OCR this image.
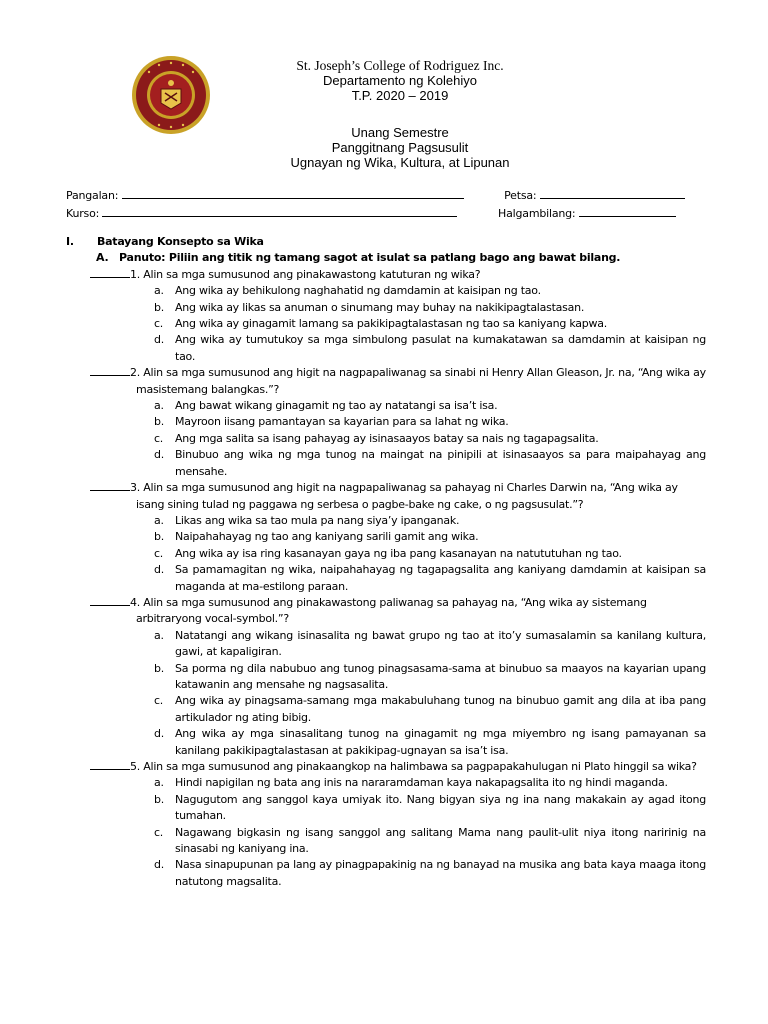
St. Joseph’s College of Rodriguez Inc.
Departamento ng Kolehiyo
T.P. 2020 – 2019
Unang Semestre
Panggitnang Pagsusulit
Ugnayan ng Wika, Kultura, at Lipunan
Pangalan:	Petsa:
Kurso:	Halgambilang:
I. Batayang Konsepto sa Wika
A. Panuto: Piliin ang titik ng tamang sagot at isulat sa patlang bago ang bawat bilang.
1. Alin sa mga sumusunod ang pinakawastong katuturan ng wika?
a. Ang wika ay behikulong naghahatid ng damdamin at kaisipan ng tao.
b. Ang wika ay likas sa anuman o sinumang may buhay na nakikipagtalastasan.
c. Ang wika ay ginagamit lamang sa pakikipagtalastasan ng tao sa kaniyang kapwa.
d. Ang wika ay tumutukoy sa mga simbulong pasulat na kumakatawan sa damdamin at kaisipan ng tao.
2. Alin sa mga sumusunod ang higit na nagpapaliwanag sa sinabi ni Henry Allan Gleason, Jr. na, “Ang wika ay masistemang balangkas.”?
a. Ang bawat wikang ginagamit ng tao ay natatangi sa isa’t isa.
b. Mayroon iisang pamantayan sa kayarian para sa lahat ng wika.
c. Ang mga salita sa isang pahayag ay isinasaayos batay sa nais ng tagapagsalita.
d. Binubuo ang wika ng mga tunog na maingat na pinipili at isinasaayos sa para maipahayag ang mensahe.
3. Alin sa mga sumusunod ang higit na nagpapaliwanag sa pahayag ni Charles Darwin na, “Ang wika ay isang sining tulad ng paggawa ng serbesa o pagbe-bake ng cake, o ng pagsusulat.”?
a. Likas ang wika sa tao mula pa nang siya’y ipanganak.
b. Naipahahayag ng tao ang kaniyang sarili gamit ang wika.
c. Ang wika ay isa ring kasanayan gaya ng iba pang kasanayan na natututuhan ng tao.
d. Sa pamamagitan ng wika, naipahahayag ng tagapagsalita ang kaniyang damdamin at kaisipan sa maganda at ma-estilong paraan.
4. Alin sa mga sumusunod ang pinakawastong paliwanag sa pahayag na, “Ang wika ay sistemang arbitraryong vocal-symbol.”?
a. Natatangi ang wikang isinasalita ng bawat grupo ng tao at ito’y sumasalamin sa kanilang kultura, gawi, at kapaligiran.
b. Sa porma ng dila nabubuo ang tunog pinagsasama-sama at binubuo sa maayos na kayarian upang katawanin ang mensahe ng nagsasalita.
c. Ang wika ay pinagsama-samang mga makabuluhang tunog na binubuo gamit ang dila at iba pang artikulador ng ating bibig.
d. Ang wika ay mga sinasalitang tunog na ginagamit ng mga miyembro ng isang pamayanan sa kanilang pakikipagtalastasan at pakikipag-ugnayan sa isa’t isa.
5. Alin sa mga sumusunod ang pinakaangkop na halimbawa sa pagpapakahulugan ni Plato hinggil sa wika?
a. Hindi napigilan ng bata ang inis na nararamdaman kaya nakapagsalita ito ng hindi maganda.
b. Nagugutom ang sanggol kaya umiyak ito. Nang bigyan siya ng ina nang makakain ay agad itong tumahan.
c. Nagawang bigkasin ng isang sanggol ang salitang Mama nang paulit-ulit niya itong naririnig na sinasabi ng kaniyang ina.
d. Nasa sinapupunan pa lang ay pinagpapakinig na ng banayad na musika ang bata kaya maaga itong natutong magsalita.
